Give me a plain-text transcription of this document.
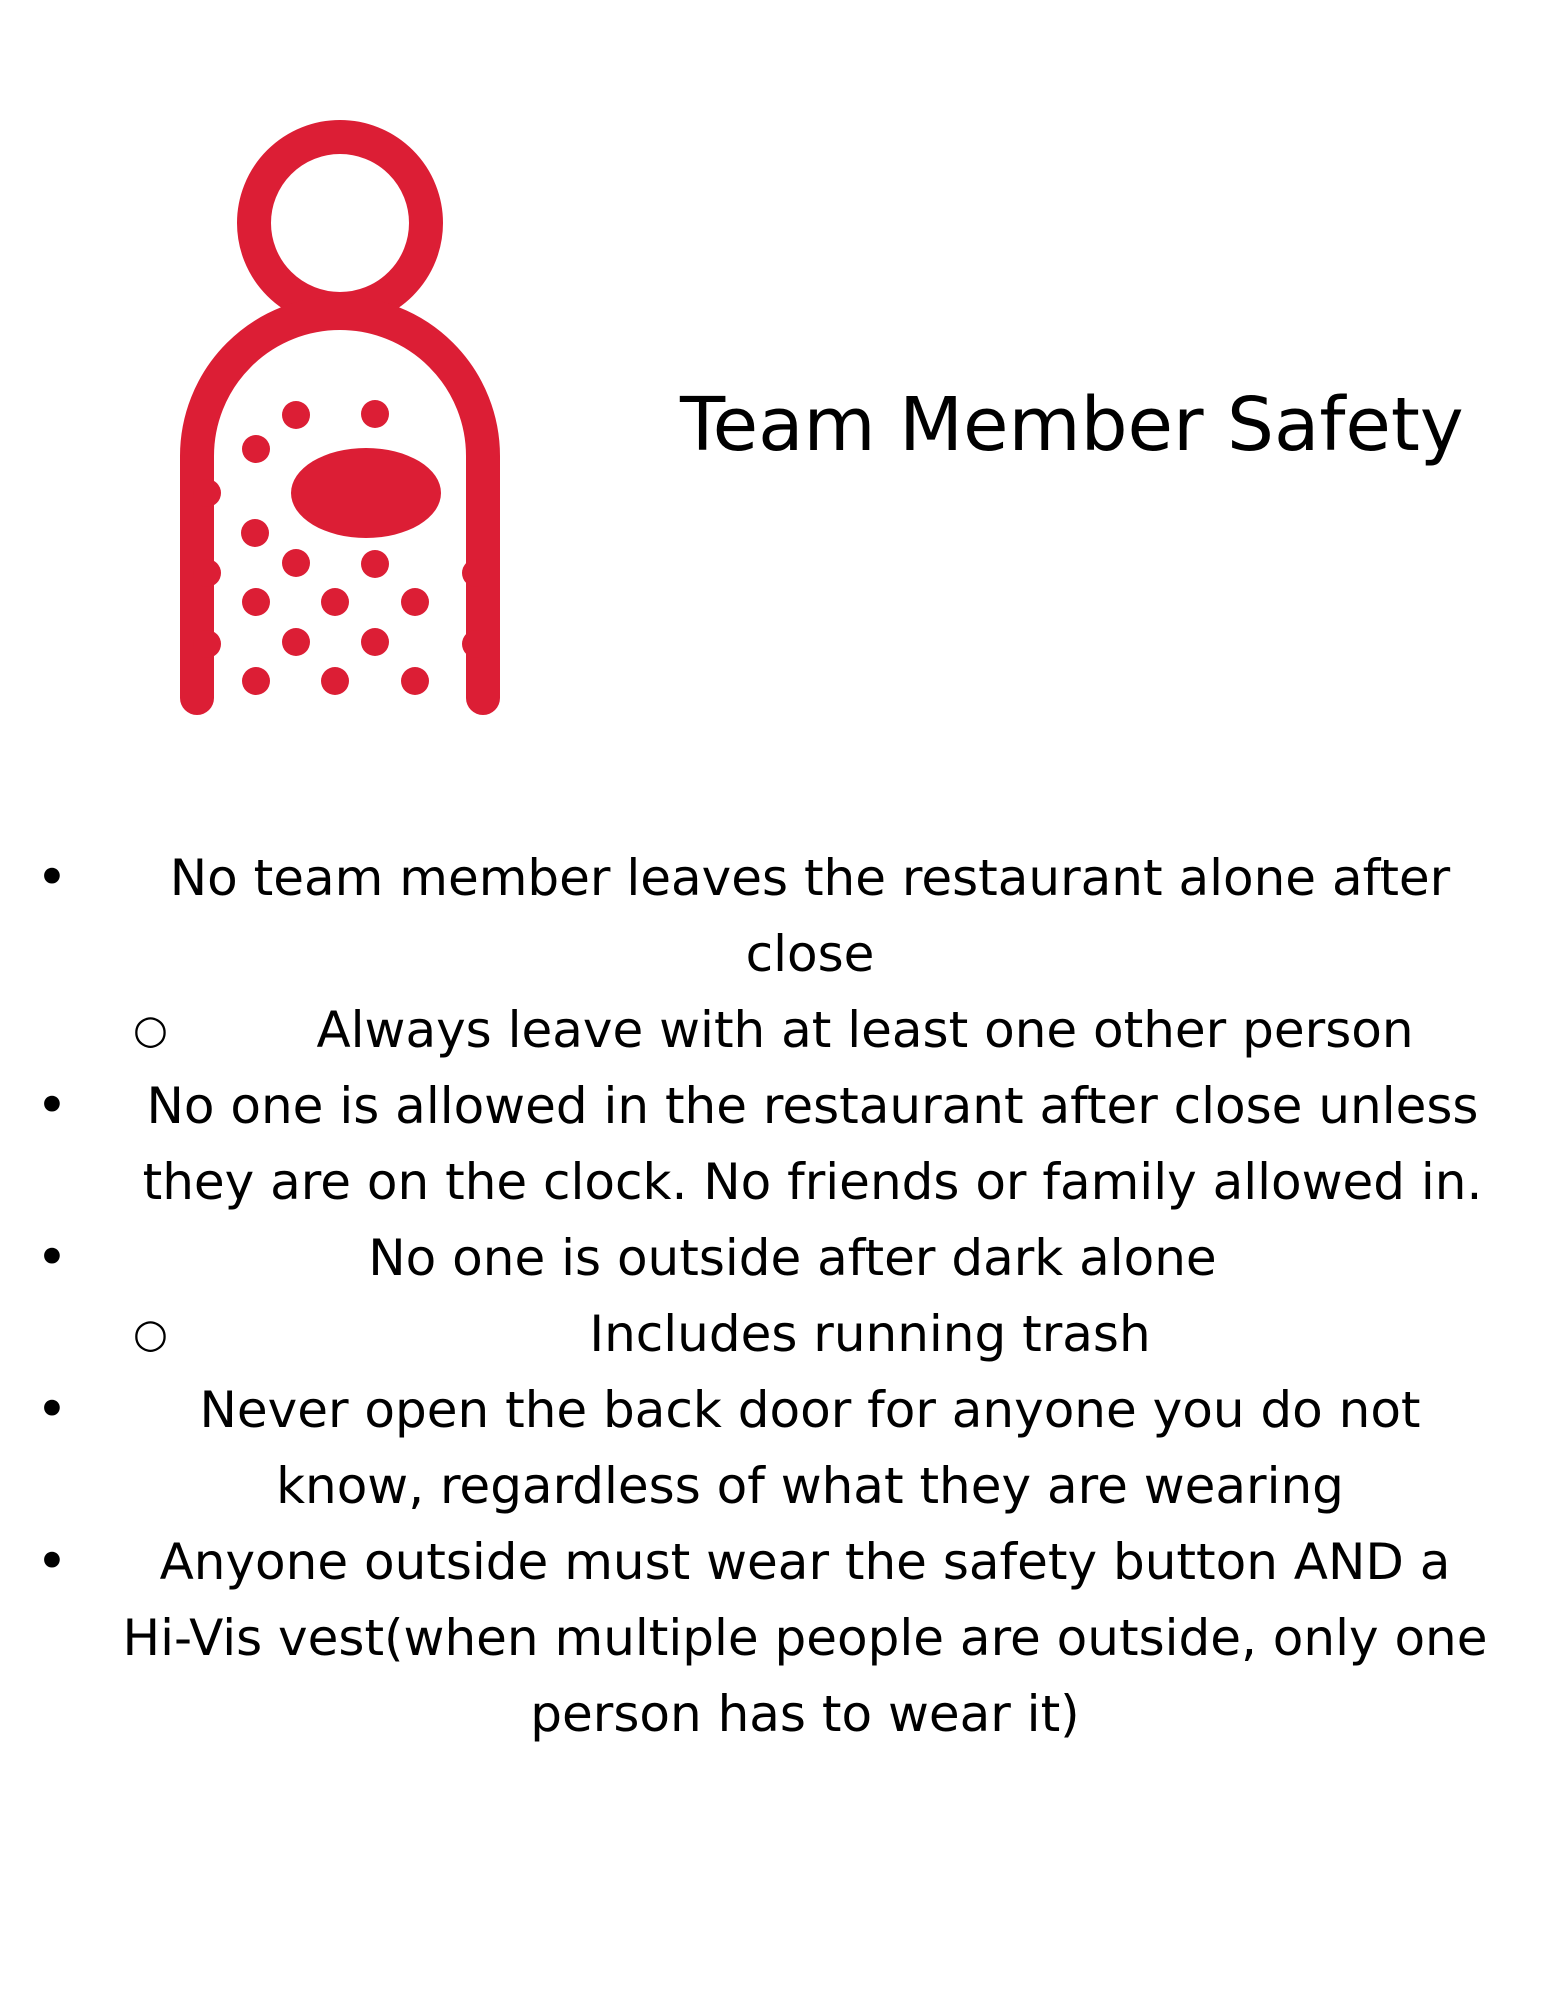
Team Member Safety
•	No team member leaves the restaurant alone after close
○	Always leave with at least one other person
•	No one is allowed in the restaurant after close unless they are on the clock. No friends or family allowed in.
•	No one is outside after dark alone
○	Includes running trash
•	Never open the back door for anyone you do not know, regardless of what they are wearing
•	Anyone outside must wear the safety button AND a Hi-Vis vest(when multiple people are outside, only one person has to wear it)
